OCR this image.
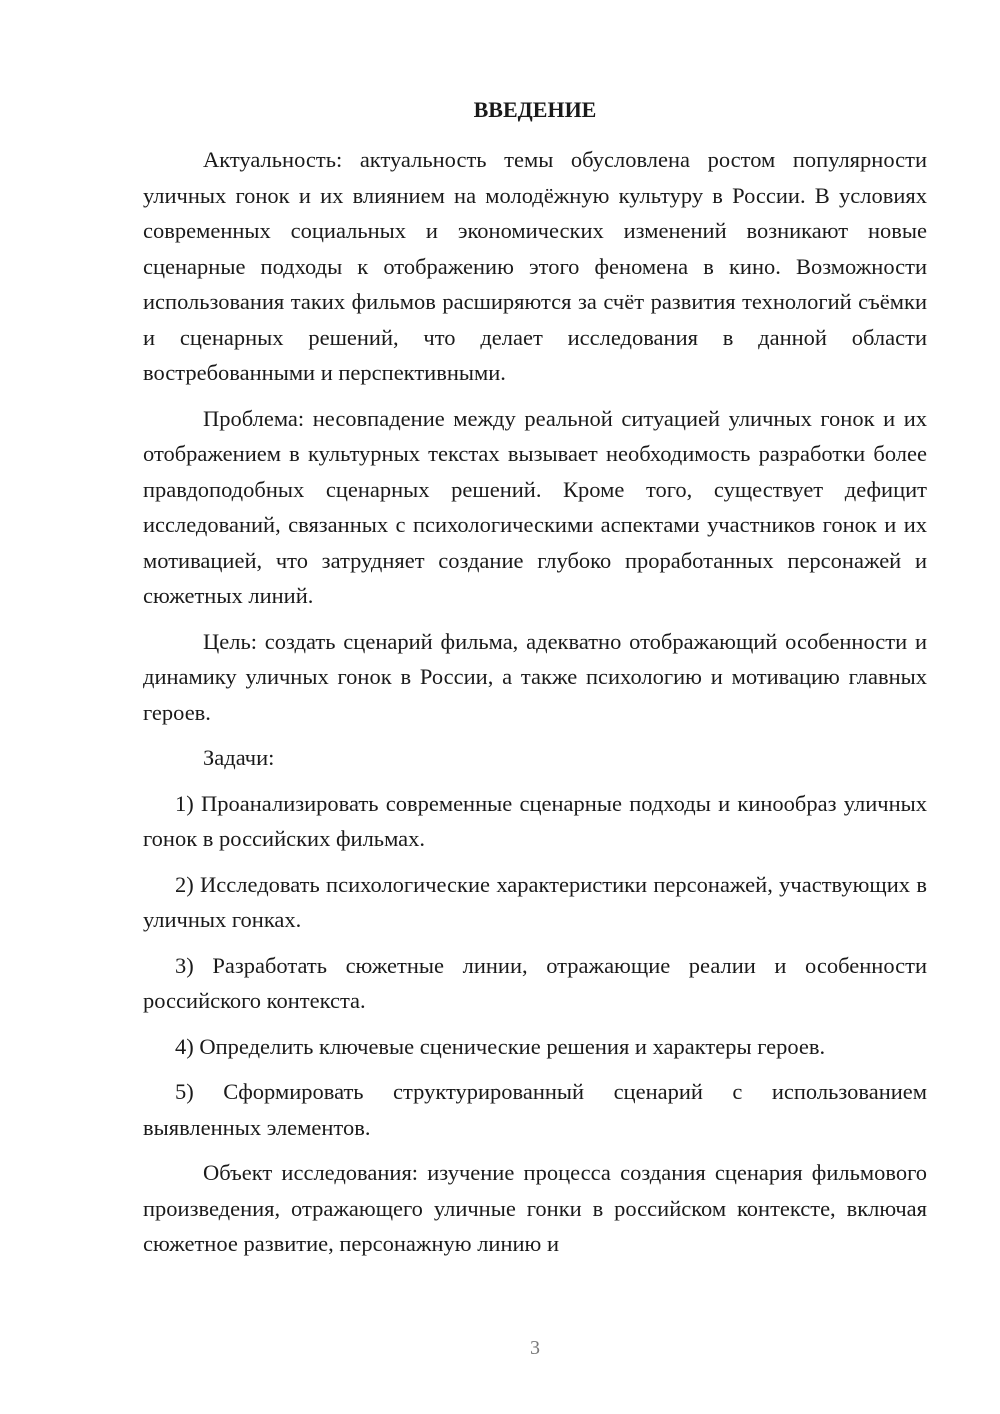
ВВЕДЕНИЕ

Актуальность: актуальность темы обусловлена ростом популярности уличных гонок и их влиянием на молодёжную культуру в России. В условиях современных социальных и экономических изменений возникают новые сценарные подходы к отображению этого феномена в кино. Возможности использования таких фильмов расширяются за счёт развития технологий съёмки и сценарных решений, что делает исследования в данной области востребованными и перспективными.

Проблема: несовпадение между реальной ситуацией уличных гонок и их отображением в культурных текстах вызывает необходимость разработки более правдоподобных сценарных решений. Кроме того, существует дефицит исследований, связанных с психологическими аспектами участников гонок и их мотивацией, что затрудняет создание глубоко проработанных персонажей и сюжетных линий.

Цель: создать сценарий фильма, адекватно отображающий особенности и динамику уличных гонок в России, а также психологию и мотивацию главных героев.

Задачи:

1) Проанализировать современные сценарные подходы и кинообраз уличных гонок в российских фильмах.

2) Исследовать психологические характеристики персонажей, участвующих в уличных гонках.

3) Разработать сюжетные линии, отражающие реалии и особенности российского контекста.

4) Определить ключевые сценические решения и характеры героев.

5) Сформировать структурированный сценарий с использованием выявленных элементов.

Объект исследования: изучение процесса создания сценария фильмового произведения, отражающего уличные гонки в российском контексте, включая сюжетное развитие, персонажную линию и

3
